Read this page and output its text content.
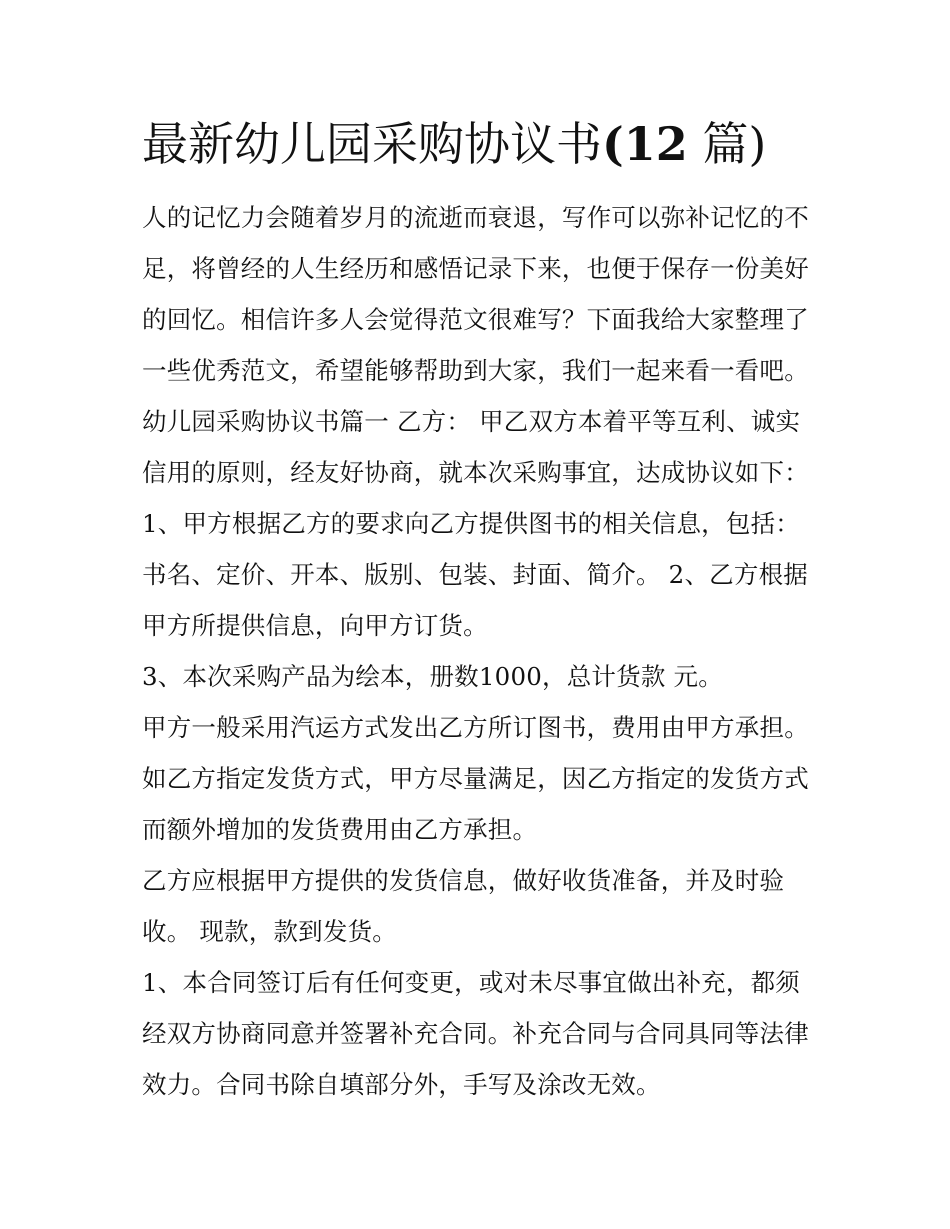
最新幼儿园采购协议书(12 篇)

人的记忆力会随着岁月的流逝而衰退，写作可以弥补记忆的不足，将曾经的人生经历和感悟记录下来，也便于保存一份美好的回忆。相信许多人会觉得范文很难写？下面我给大家整理了一些优秀范文，希望能够帮助到大家，我们一起来看一看吧。

幼儿园采购协议书篇一 乙方： 甲乙双方本着平等互利、诚实信用的原则，经友好协商，就本次采购事宜，达成协议如下：

1、甲方根据乙方的要求向乙方提供图书的相关信息，包括：书名、定价、开本、版别、包装、封面、简介。 2、乙方根据甲方所提供信息，向甲方订货。

3、本次采购产品为绘本，册数1000，总计货款 元。

甲方一般采用汽运方式发出乙方所订图书，费用由甲方承担。如乙方指定发货方式，甲方尽量满足，因乙方指定的发货方式而额外增加的发货费用由乙方承担。

乙方应根据甲方提供的发货信息，做好收货准备，并及时验收。 现款，款到发货。

1、本合同签订后有任何变更，或对未尽事宜做出补充，都须经双方协商同意并签署补充合同。补充合同与合同具同等法律效力。合同书除自填部分外，手写及涂改无效。
